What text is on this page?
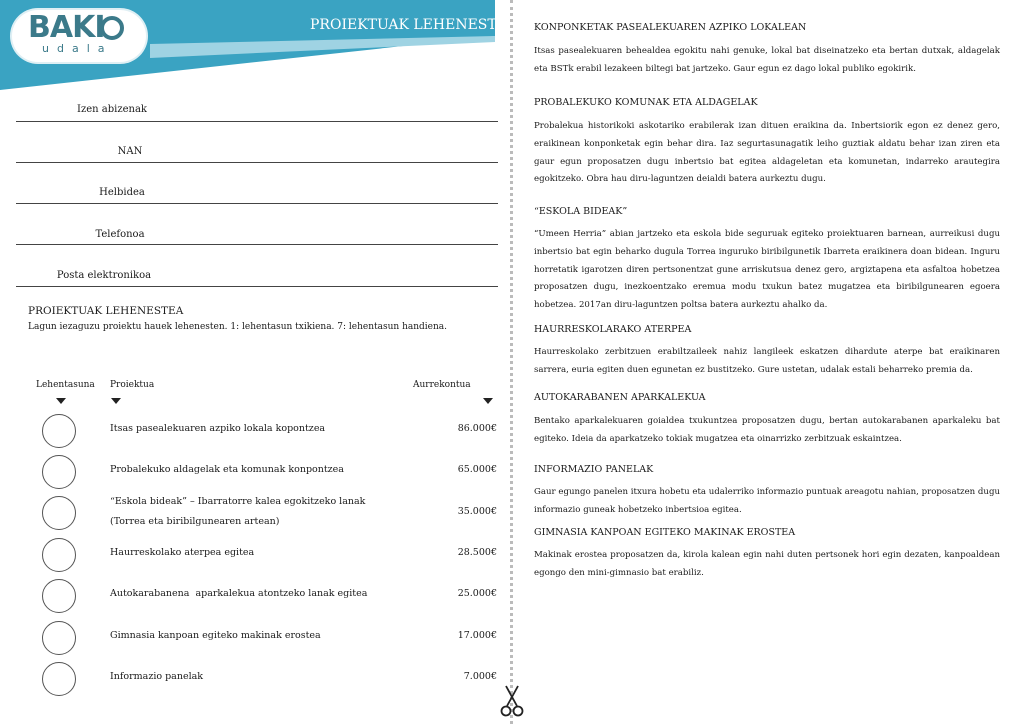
BAKI
udala
PROIEKTUAK LEHENESTEA
Izen abizenak
NAN
Helbidea
Telefonoa
Posta elektronikoa
PROIEKTUAK LEHENESTEA
Lagun iezaguzu proiektu hauek lehenesten. 1: lehentasun txikiena. 7: lehentasun handiena.
Lehentasuna Proiektua	Aurrekontua
Itsas pasealekuaren azpiko lokala kopontzea	86.000€
Probalekuko aldagelak eta komunak konpontzea	65.000€
“Eskola bideak” – Ibarratorre kalea egokitzeko lanak (Torrea eta biribilgunearen artean)
35.000€
Haurreskolako aterpea egitea	28.500€
Autokarabanena  aparkalekua atontzeko lanak egitea	25.000€
Gimnasia kanpoan egiteko makinak erostea	17.000€
Informazio panelak	7.000€
KONPONKETAK PASEALEKUAREN AZPIKO LOKALEAN
Itsas pasealekuaren behealdea egokitu nahi genuke, lokal bat diseinatzeko eta bertan dutxak, aldagelak eta BSTk erabil lezakeen biltegi bat jartzeko. Gaur egun ez dago lokal publiko egokirik.
PROBALEKUKO KOMUNAK ETA ALDAGELAK
Probalekua historikoki askotariko erabilerak izan dituen eraikina da. Inbertsiorik egon ez denez gero, eraikinean konponketak egin behar dira. Iaz segurtasunagatik leiho guztiak aldatu behar izan ziren eta gaur egun proposatzen dugu inbertsio bat egitea aldageletan eta komunetan, indarreko arautegira egokitzeko. Obra hau diru-laguntzen deialdi batera aurkeztu dugu.
“ESKOLA BIDEAK”
“Umeen Herria” abian jartzeko eta eskola bide seguruak egiteko proiektuaren barnean, aurreikusi dugu inbertsio bat egin beharko dugula Torrea inguruko biribilgunetik Ibarreta eraikinera doan bidean. Inguru horretatik igarotzen diren pertsonentzat gune arriskutsua denez gero, argiztapena eta asfaltoa hobetzea proposatzen dugu, inezkoentzako eremua modu txukun batez mugatzea eta biribilgunearen egoera hobetzea. 2017an diru-laguntzen poltsa batera aurkeztu ahalko da.
HAURRESKOLARAKO ATERPEA
Haurreskolako zerbitzuen erabiltzaileek nahiz langileek eskatzen dihardute aterpe bat eraikinaren sarrera, euria egiten duen egunetan ez bustitzeko. Gure ustetan, udalak estali beharreko premia da.
AUTOKARABANEN APARKALEKUA
Bentako aparkalekuaren goialdea txukuntzea proposatzen dugu, bertan autokarabanen aparkaleku bat egiteko. Ideia da aparkatzeko tokiak mugatzea eta oinarrizko zerbitzuak eskaintzea.
INFORMAZIO PANELAK
Gaur egungo panelen itxura hobetu eta udalerriko informazio puntuak areagotu nahian, proposatzen dugu informazio guneak hobetzeko inbertsioa egitea.
GIMNASIA KANPOAN EGITEKO MAKINAK EROSTEA
Makinak erostea proposatzen da, kirola kalean egin nahi duten pertsonek hori egin dezaten, kanpoaldean egongo den mini-gimnasio bat erabiliz.
